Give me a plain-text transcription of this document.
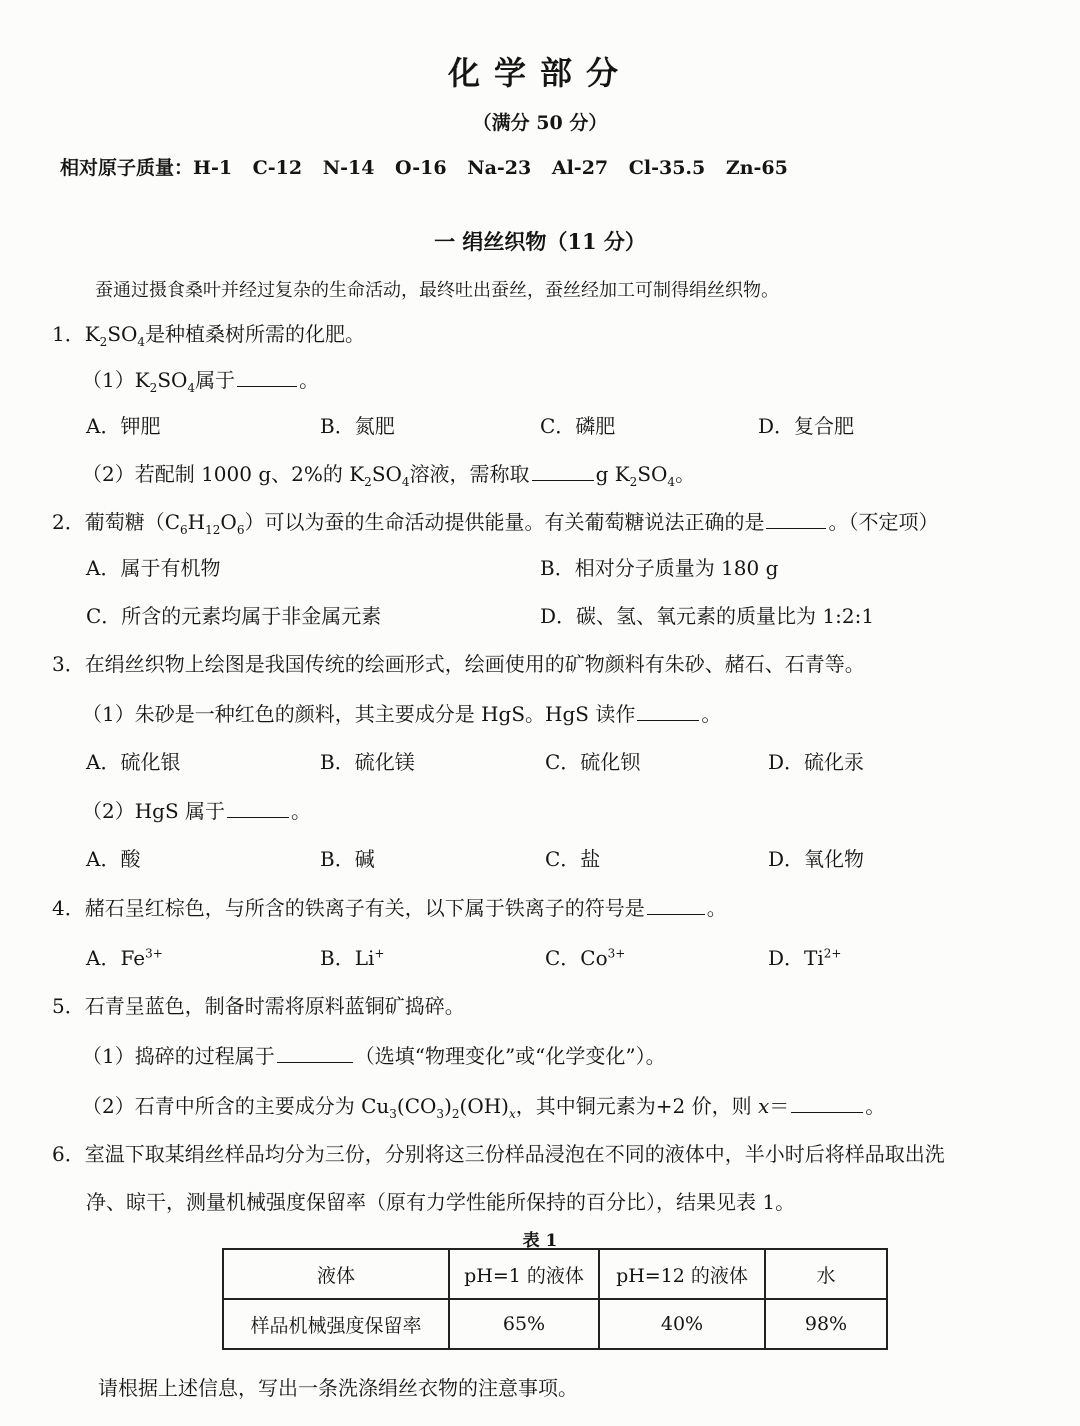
化学部分
（满分 50 分）
相对原子质量：H-1 C-12 N-14 O-16 Na-23 Al-27 Cl-35.5 Zn-65
一 绢丝织物（11 分）
蚕通过摄食桑叶并经过复杂的生命活动，最终吐出蚕丝，蚕丝经加工可制得绢丝织物。
1．$K_2SO_4$是种植桑树所需的化肥。
$(1)K_2SO_4$属于	。
A．钾肥	B．氮肥	C．磷肥	D．复合肥
（2）若配制 1000 g、2%的 $K_2SO_4$溶液，需称取	g $K_2SO_4$。
2．葡萄糖$(C_6H_{12}O_6)$可以为蚕的生命活动提供能量。有关葡萄糖说法正确的是	。（不定项）
A．属于有机物	B．相对分子质量为 180 g
C．所含的元素均属于非金属元素	D．碳、氢、氧元素的质量比为 1:2:1
3．在绢丝织物上绘图是我国传统的绘画形式，绘画使用的矿物颜料有朱砂、赭石、石青等。
（1）朱砂是一种红色的颜料，其主要成分是 HgS。HgS 读作	。
A．硫化银	B．硫化镁	C．硫化钡	D．硫化汞
（2）HgS 属于	。
A．酸	B．碱	C．盐	D．氧化物
4．赭石呈红棕色，与所含的铁离子有关，以下属于铁离子的符号是	。
A．$Fe^{3+}$	B．Li+	C．$Co^{3+}$	D．$Ti^{2+}$
5．石青呈蓝色，制备时需将原料蓝铜矿捣碎。
（1）捣碎的过程属于	（选填“物理变化”或“化学变化”）。
（2）石青中所含的主要成分为 $Cu_3(CO_3)_2(OH)_x$，其中铜元素为+2 价，则 x＝	。
6．室温下取某绢丝样品均分为三份，分别将这三份样品浸泡在不同的液体中，半小时后将样品取出洗
净、晾干，测量机械强度保留率（原有力学性能所保持的百分比），结果见表 1。
表 1
液体	pH=1 的液体	pH=12 的液体	水
样品机械强度保留率	65%	40%	98%
请根据上述信息，写出一条洗涤绢丝衣物的注意事项。
